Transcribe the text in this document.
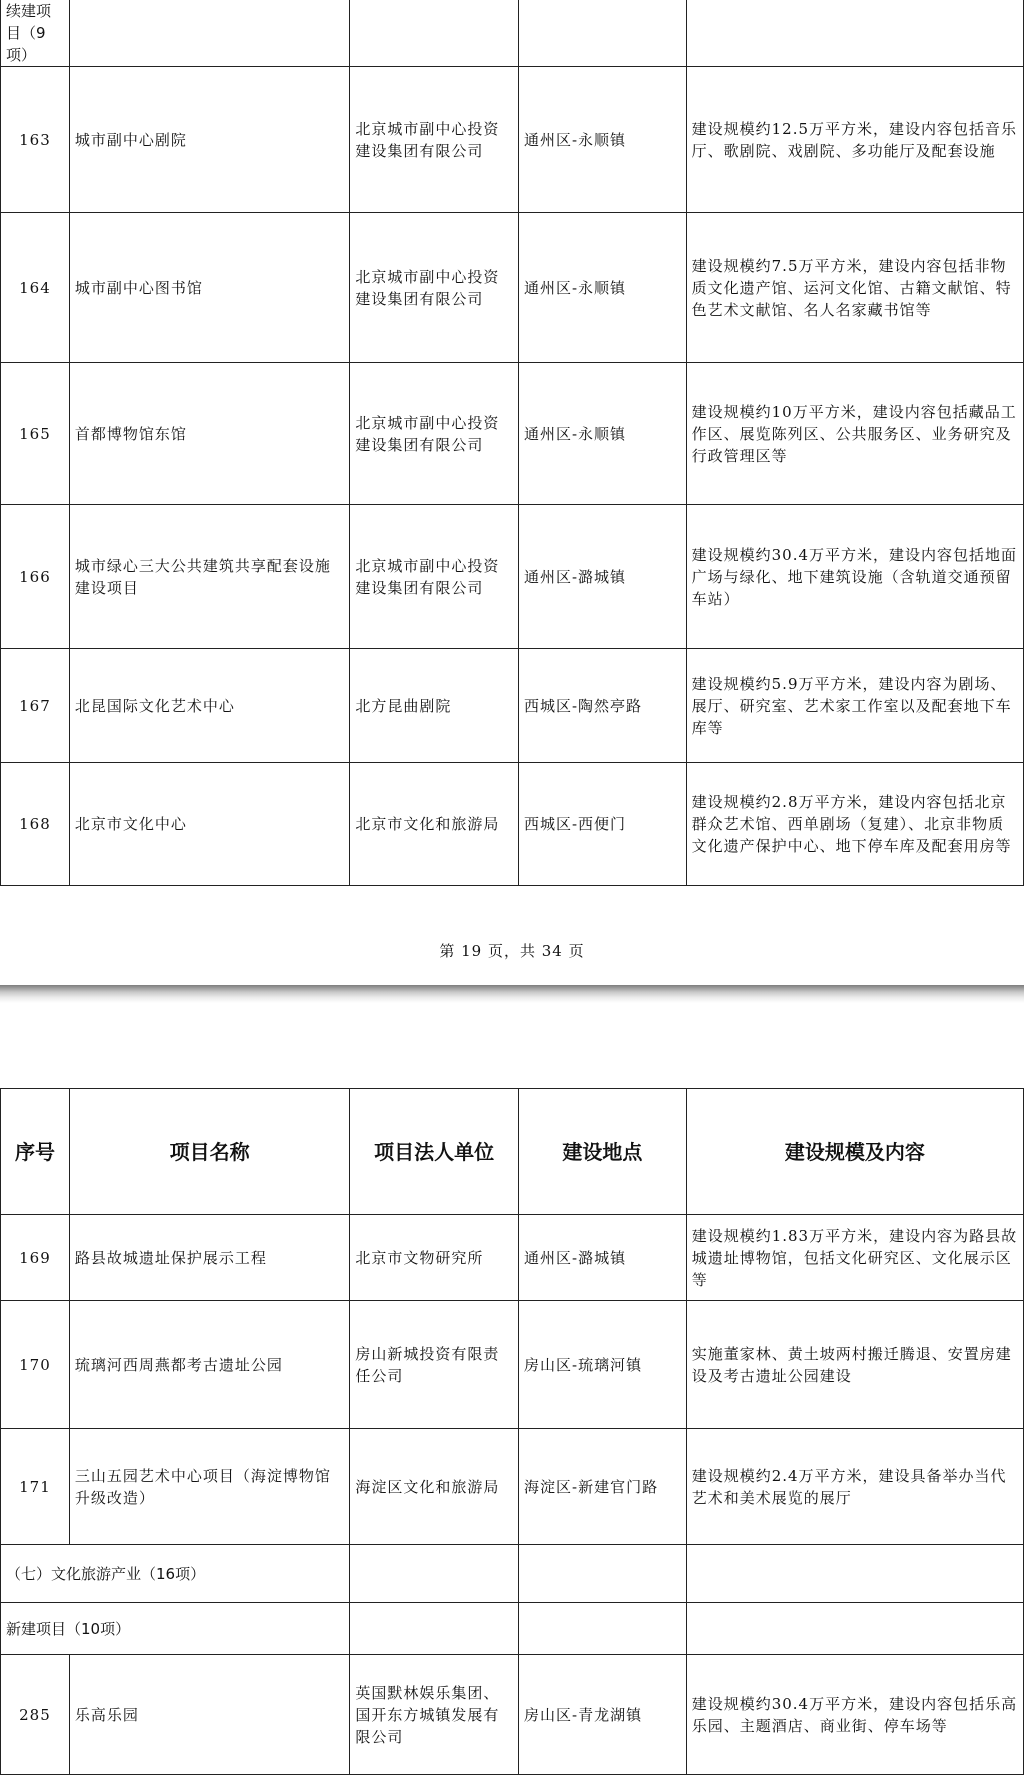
续建项目（9项）				
163	城市副中心剧院	北京城市副中心投资建设集团有限公司	通州区-永顺镇	建设规模约12.5万平方米，建设内容包括音乐厅、歌剧院、戏剧院、多功能厅及配套设施
164	城市副中心图书馆	北京城市副中心投资建设集团有限公司	通州区-永顺镇	建设规模约7.5万平方米，建设内容包括非物质文化遗产馆、运河文化馆、古籍文献馆、特色艺术文献馆、名人名家藏书馆等
165	首都博物馆东馆	北京城市副中心投资建设集团有限公司	通州区-永顺镇	建设规模约10万平方米，建设内容包括藏品工作区、展览陈列区、公共服务区、业务研究及行政管理区等
166	城市绿心三大公共建筑共享配套设施建设项目	北京城市副中心投资建设集团有限公司	通州区-潞城镇	建设规模约30.4万平方米，建设内容包括地面广场与绿化、地下建筑设施（含轨道交通预留车站）
167	北昆国际文化艺术中心	北方昆曲剧院	西城区-陶然亭路	建设规模约5.9万平方米，建设内容为剧场、展厅、研究室、艺术家工作室以及配套地下车库等
168	北京市文化中心	北京市文化和旅游局	西城区-西便门	建设规模约2.8万平方米，建设内容包括北京群众艺术馆、西单剧场（复建）、北京非物质文化遗产保护中心、地下停车库及配套用房等
第 19 页，共 34 页
序号	项目名称	项目法人单位	建设地点	建设规模及内容
169	路县故城遗址保护展示工程	北京市文物研究所	通州区-潞城镇	建设规模约1.83万平方米，建设内容为路县故城遗址博物馆，包括文化研究区、文化展示区等
170	琉璃河西周燕都考古遗址公园	房山新城投资有限责任公司	房山区-琉璃河镇	实施董家林、黄土坡两村搬迁腾退、安置房建设及考古遗址公园建设
171	三山五园艺术中心项目（海淀博物馆升级改造）	海淀区文化和旅游局	海淀区-新建官门路	建设规模约2.4万平方米，建设具备举办当代艺术和美术展览的展厅
（七）文化旅游产业（16项）				
新建项目（10项）				
285	乐高乐园	英国默林娱乐集团、国开东方城镇发展有限公司	房山区-青龙湖镇	建设规模约30.4万平方米，建设内容包括乐高乐园、主题酒店、商业街、停车场等
